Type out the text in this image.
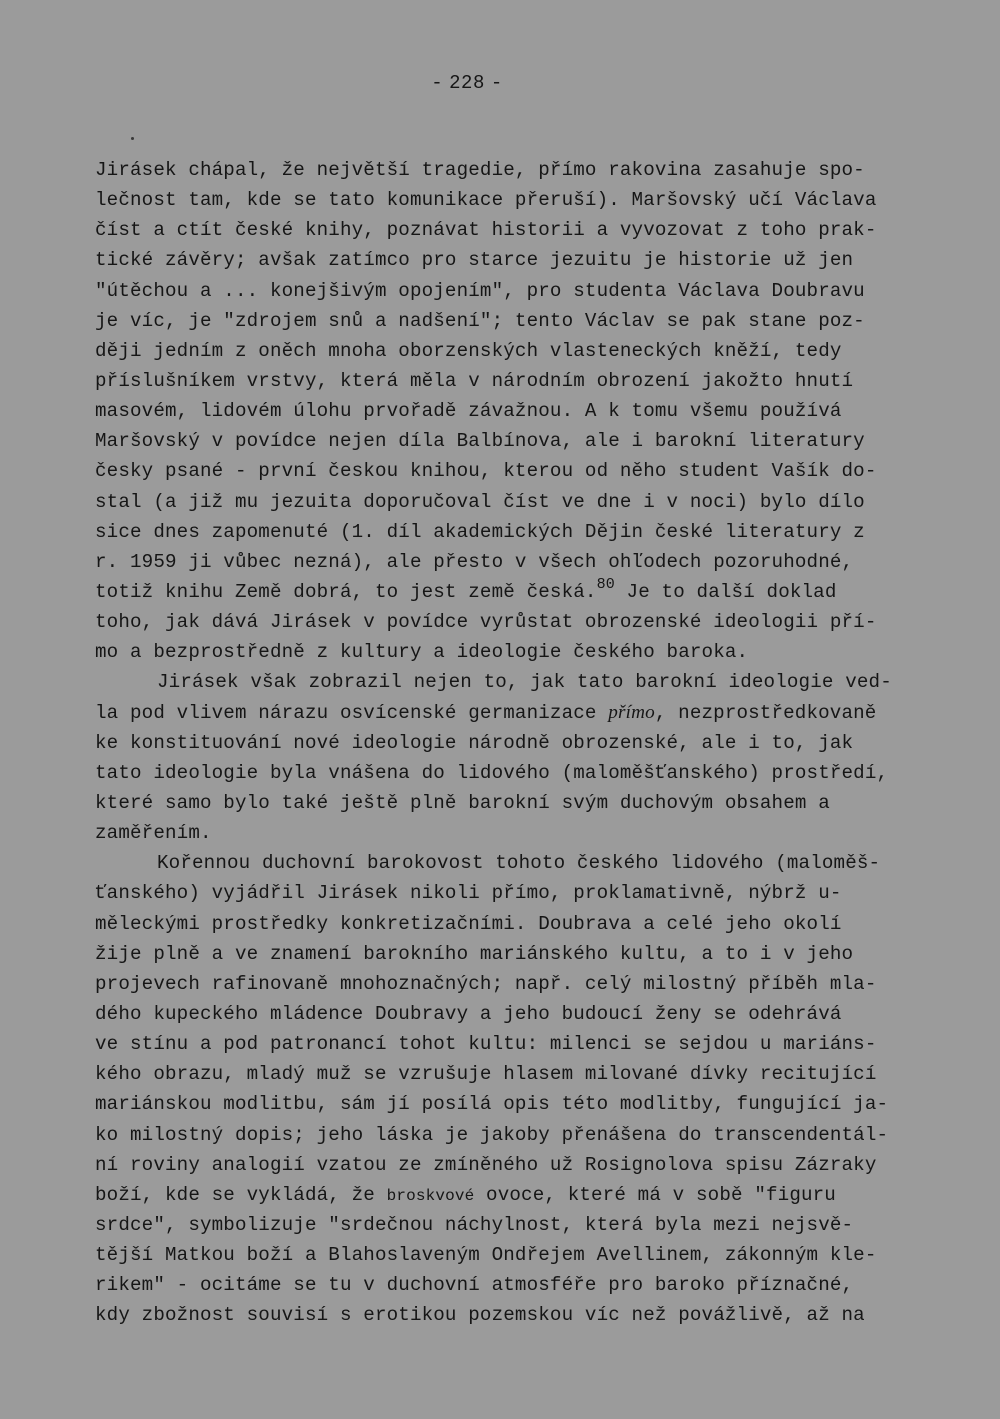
- 228 -
Jirásek chápal, že největší tragedie, přímo rakovina zasahuje spo-
lečnost tam, kde se tato komunikace přeruší). Maršovský učí Václava
číst a ctít české knihy, poznávat historii a vyvozovat z toho prak-
tické závěry; avšak zatímco pro starce jezuitu je historie už jen
"útěchou a ... konejšivým opojením", pro studenta Václava Doubravu
je víc, je "zdrojem snů a nadšení"; tento Václav se pak stane poz-
ději jedním z oněch mnoha oborzenských vlasteneckých kněží, tedy
příslušníkem vrstvy, která měla v národním obrození jakožto hnutí
masovém, lidovém úlohu prvořadě závažnou. A k tomu všemu používá
Maršovský v povídce nejen díla Balbínova, ale i barokní literatury
česky psané - první českou knihou, kterou od něho student Vašík do-
stal (a již mu jezuita doporučoval číst ve dne i v noci) bylo dílo
sice dnes zapomenuté (1. díl akademických Dějin české literatury z
r. 1959 ji vůbec nezná), ale přesto v všech ohľodech pozoruhodné,
totiž knihu Země dobrá, to jest země česká.$^{80}$ Je to další doklad
toho, jak dává Jirásek v povídce vyrůstat obrozenské ideologii pří-
mo a bezprostředně z kultury a ideologie českého baroka.
Jirásek však zobrazil nejen to, jak tato barokní ideologie ved-
la pod vlivem nárazu osvícenské germanizace přímo, nezprostředkovaně
ke konstituování nové ideologie národně obrozenské, ale i to, jak
tato ideologie byla vnášena do lidového (maloměšťanského) prostředí,
které samo bylo také ještě plně barokní svým duchovým obsahem a
zaměřením.
Kořennou duchovní barokovost tohoto českého lidového (maloměš-
ťanského) vyjádřil Jirásek nikoli přímo, proklamativně, nýbrž u-
měleckými prostředky konkretizačními. Doubrava a celé jeho okolí
žije plně a ve znamení barokního mariánského kultu, a to i v jeho
projevech rafinovaně mnohoznačných; např. celý milostný příběh mla-
dého kupeckého mládence Doubravy a jeho budoucí ženy se odehrává
ve stínu a pod patronancí tohot kultu: milenci se sejdou u mariáns-
kého obrazu, mladý muž se vzrušuje hlasem milované dívky recitující
mariánskou modlitbu, sám jí posílá opis této modlitby, fungující ja-
ko milostný dopis; jeho láska je jakoby přenášena do transcendentál-
ní roviny analogií vzatou ze zmíněného už Rosignolova spisu Zázraky
boží, kde se vykládá, že broskvové ovoce, které má v sobě "figuru
srdce", symbolizuje "srdečnou náchylnost, která byla mezi nejsvě-
tější Matkou boží a Blahoslaveným Ondřejem Avellinem, zákonným kle-
rikem" - ocitáme se tu v duchovní atmosféře pro baroko příznačné,
kdy zbožnost souvisí s erotikou pozemskou víc než povážlivě, až na
